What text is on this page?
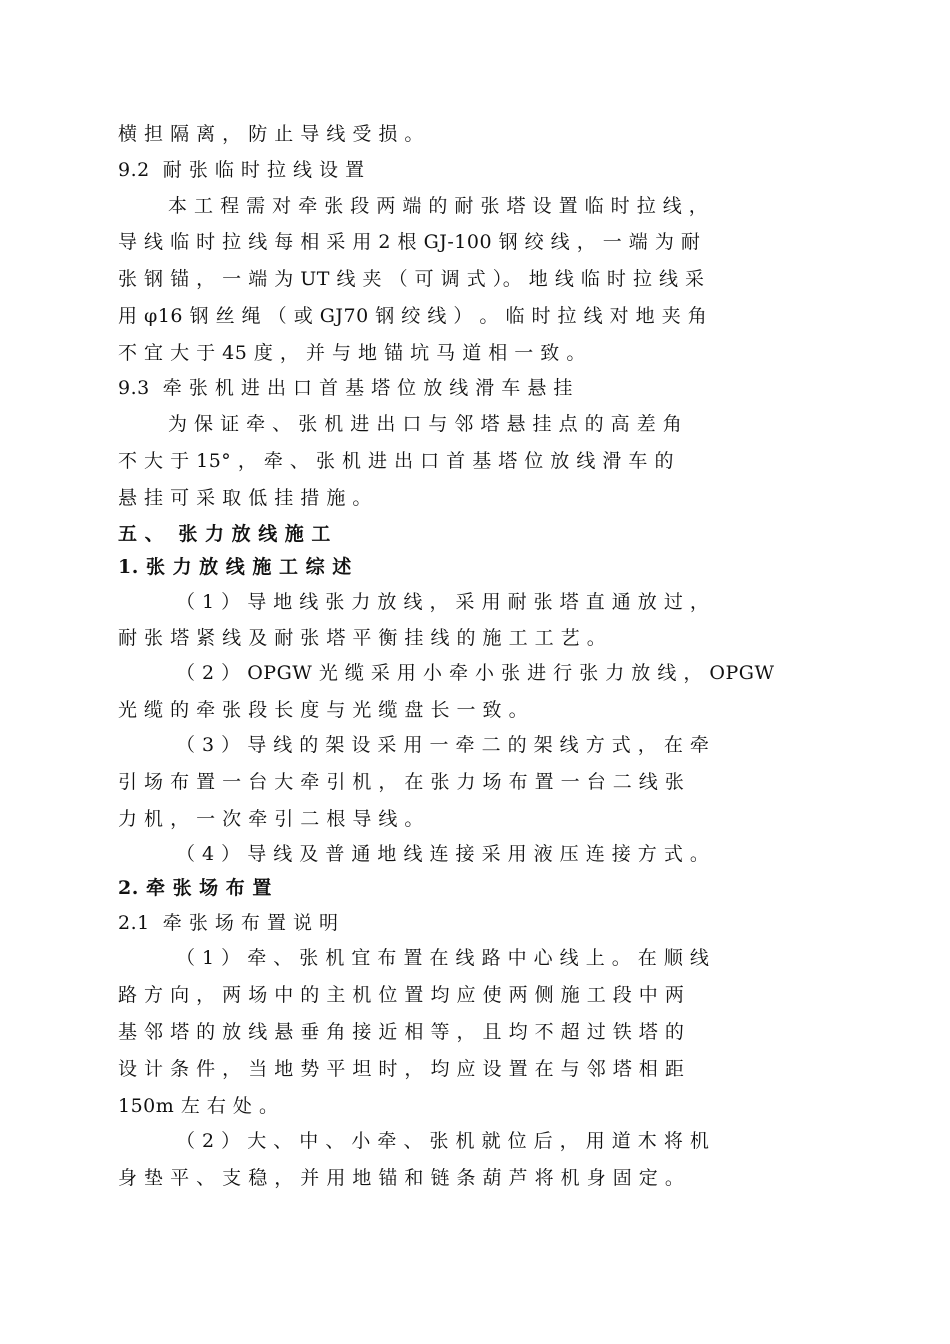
横 担 隔 离 ， 防 止 导 线 受 损 。
9.2  耐 张 临 时 拉 线 设 置
本 工 程 需 对 牵 张 段 两 端 的 耐 张 塔 设 置 临 时 拉 线 ，
导 线 临 时 拉 线 每 相 采 用 2 根 GJ-100 钢 绞 线 ， 一 端 为 耐
张 钢 锚 ， 一 端 为 UT 线 夹 （ 可 调 式 ）。 地 线 临 时 拉 线 采
用 φ16 钢 丝 绳 （ 或 GJ70 钢 绞 线 ） 。 临 时 拉 线 对 地 夹 角
不 宜 大 于 45 度 ， 并 与 地 锚 坑 马 道 相 一 致 。
9.3  牵 张 机 进 出 口 首 基 塔 位 放 线 滑 车 悬 挂
为 保 证 牵 、 张 机 进 出 口 与 邻 塔 悬 挂 点 的 高 差 角
不 大 于 15° ， 牵 、 张 机 进 出 口 首 基 塔 位 放 线 滑 车 的
悬 挂 可 采 取 低 挂 措 施 。
五 、  张 力 放 线 施 工
1. 张 力 放 线 施 工 综 述
（ 1 ） 导 地 线 张 力 放 线 ， 采 用 耐 张 塔 直 通 放 过 ，
耐 张 塔 紧 线 及 耐 张 塔 平 衡 挂 线 的 施 工 工 艺 。
（ 2 ） OPGW 光 缆 采 用 小 牵 小 张 进 行 张 力 放 线 ， OPGW
光 缆 的 牵 张 段 长 度 与 光 缆 盘 长 一 致 。
（ 3 ） 导 线 的 架 设 采 用 一 牵 二 的 架 线 方 式 ， 在 牵
引 场 布 置 一 台 大 牵 引 机 ， 在 张 力 场 布 置 一 台 二 线 张
力 机 ， 一 次 牵 引 二 根 导 线 。
（ 4 ） 导 线 及 普 通 地 线 连 接 采 用 液 压 连 接 方 式 。
2. 牵 张 场 布 置
2.1  牵 张 场 布 置 说 明
（ 1 ） 牵 、 张 机 宜 布 置 在 线 路 中 心 线 上 。 在 顺 线
路 方 向 ， 两 场 中 的 主 机 位 置 均 应 使 两 侧 施 工 段 中 两
基 邻 塔 的 放 线 悬 垂 角 接 近 相 等 ， 且 均 不 超 过 铁 塔 的
设 计 条 件 ， 当 地 势 平 坦 时 ， 均 应 设 置 在 与 邻 塔 相 距
150m 左 右 处 。
（ 2 ） 大 、 中 、 小 牵 、 张 机 就 位 后 ， 用 道 木 将 机
身 垫 平 、 支 稳 ， 并 用 地 锚 和 链 条 葫 芦 将 机 身 固 定 。
